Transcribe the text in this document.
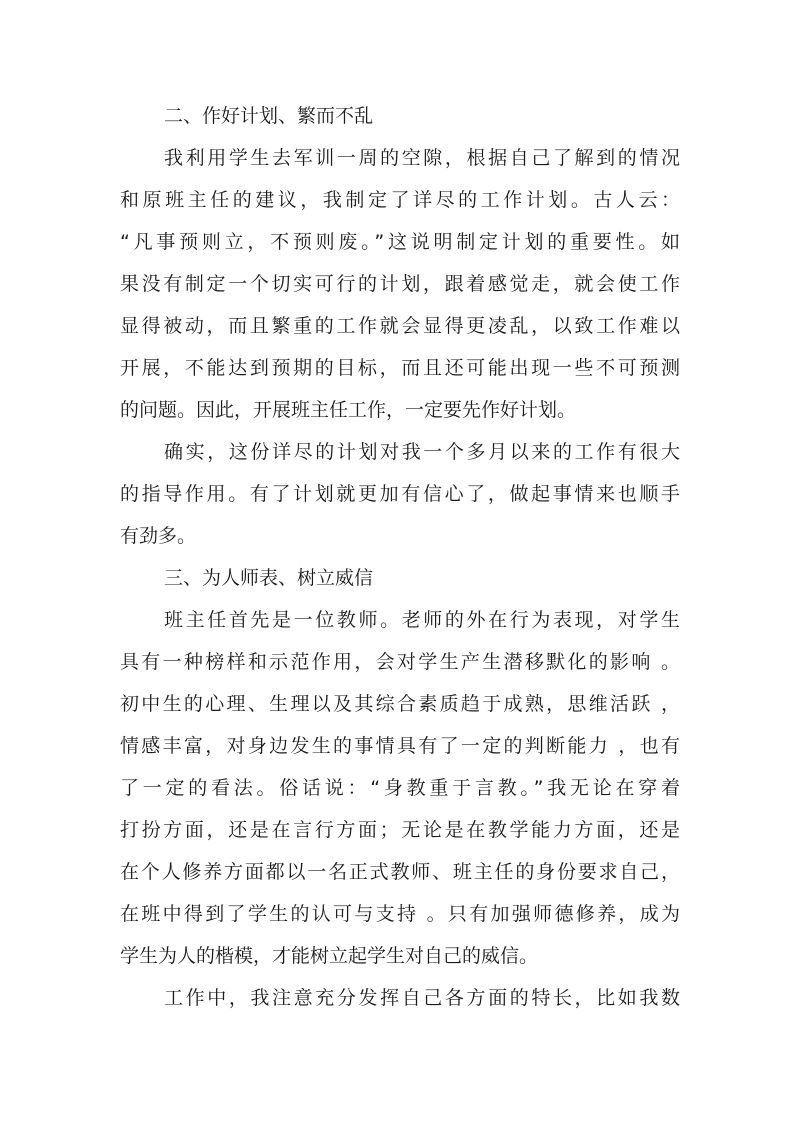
二、作好计划、繁而不乱
我利用学生去军训一周的空隙，根据自己了解到的情况
和原班主任的建议，我制定了详尽的工作计划。古人云：
“凡事预则立，不预则废。”这说明制定计划的重要性。如
果没有制定一个切实可行的计划，跟着感觉走，就会使工作
显得被动，而且繁重的工作就会显得更凌乱，以致工作难以
开展，不能达到预期的目标，而且还可能出现一些不可预测
的问题。因此，开展班主任工作，一定要先作好计划。
确实，这份详尽的计划对我一个多月以来的工作有很大
的指导作用。有了计划就更加有信心了，做起事情来也顺手
有劲多。
三、为人师表、树立威信
班主任首先是一位教师。老师的外在行为表现，对学生
具有一种榜样和示范作用，会对学生产生潜移默化的影响 。
初中生的心理、生理以及其综合素质趋于成熟，思维活跃 ，
情感丰富，对身边发生的事情具有了一定的判断能力 ，也有
了一定的看法。俗话说：“身教重于言教。”我无论在穿着
打扮方面，还是在言行方面；无论是在教学能力方面，还是
在个人修养方面都以一名正式教师、班主任的身份要求自己，
在班中得到了学生的认可与支持 。只有加强师德修养，成为
学生为人的楷模，才能树立起学生对自己的威信。
工作中，我注意充分发挥自己各方面的特长，比如我数
